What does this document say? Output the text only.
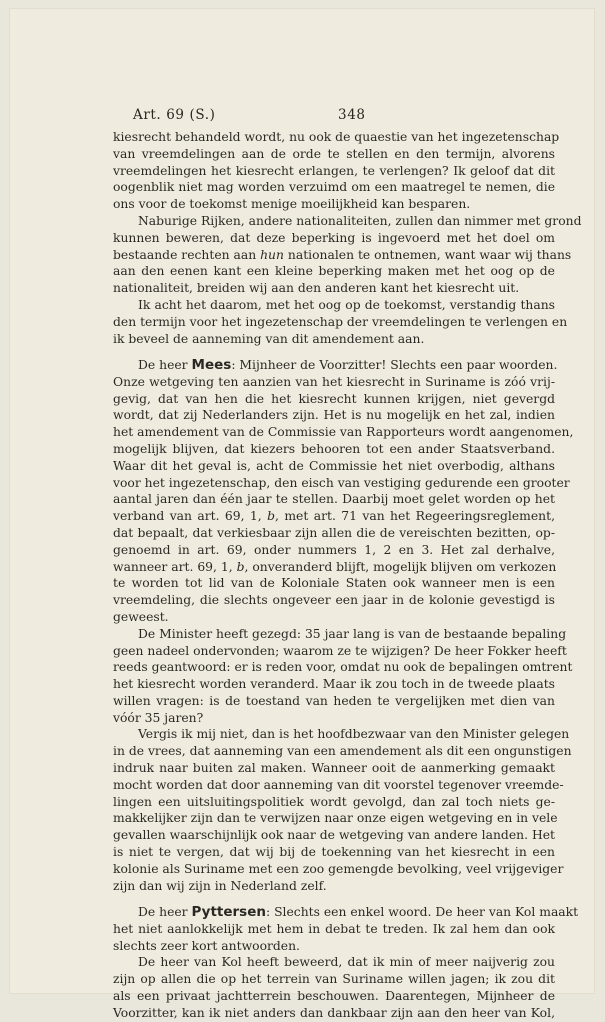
Art. 69 (S.)	348
kiesrecht behandeld wordt, nu ook de quaestie van het ingezetenschap
van vreemdelingen aan de orde te stellen en den termijn, alvorens
vreemdelingen het kiesrecht erlangen, te verlengen? Ik geloof dat dit
oogenblik niet mag worden verzuimd om een maatregel te nemen, die
ons voor de toekomst menige moeilijkheid kan besparen.
Naburige Rijken, andere nationaliteiten, zullen dan nimmer met grond
kunnen beweren, dat deze beperking is ingevoerd met het doel om
bestaande rechten aan hun nationalen te ontnemen, want waar wij thans
aan den eenen kant een kleine beperking maken met het oog op de
nationaliteit, breiden wij aan den anderen kant het kiesrecht uit.
Ik acht het daarom, met het oog op de toekomst, verstandig thans
den termijn voor het ingezetenschap der vreemdelingen te verlengen en
ik beveel de aanneming van dit amendement aan.
De heer Mees: Mijnheer de Voorzitter! Slechts een paar woorden.
Onze wetgeving ten aanzien van het kiesrecht in Suriname is zóó vrij-
gevig, dat van hen die het kiesrecht kunnen krijgen, niet gevergd
wordt, dat zij Nederlanders zijn. Het is nu mogelijk en het zal, indien
het amendement van de Commissie van Rapporteurs wordt aangenomen,
mogelijk blijven, dat kiezers behooren tot een ander Staatsverband.
Waar dit het geval is, acht de Commissie het niet overbodig, althans
voor het ingezetenschap, den eisch van vestiging gedurende een grooter
aantal jaren dan één jaar te stellen. Daarbij moet gelet worden op het
verband van art. 69, 1, b, met art. 71 van het Regeeringsreglement,
dat bepaalt, dat verkiesbaar zijn allen die de vereischten bezitten, op-
genoemd in art. 69, onder nummers 1, 2 en 3. Het zal derhalve,
wanneer art. 69, 1, b, onveranderd blijft, mogelijk blijven om verkozen
te worden tot lid van de Koloniale Staten ook wanneer men is een
vreemdeling, die slechts ongeveer een jaar in de kolonie gevestigd is
geweest.
De Minister heeft gezegd: 35 jaar lang is van de bestaande bepaling
geen nadeel ondervonden; waarom ze te wijzigen? De heer Fokker heeft
reeds geantwoord: er is reden voor, omdat nu ook de bepalingen omtrent
het kiesrecht worden veranderd. Maar ik zou toch in de tweede plaats
willen vragen: is de toestand van heden te vergelijken met dien van
vóór 35 jaren?
Vergis ik mij niet, dan is het hoofdbezwaar van den Minister gelegen
in de vrees, dat aanneming van een amendement als dit een ongunstigen
indruk naar buiten zal maken. Wanneer ooit de aanmerking gemaakt
mocht worden dat door aanneming van dit voorstel tegenover vreemde-
lingen een uitsluitingspolitiek wordt gevolgd, dan zal toch niets ge-
makkelijker zijn dan te verwijzen naar onze eigen wetgeving en in vele
gevallen waarschijnlijk ook naar de wetgeving van andere landen. Het
is niet te vergen, dat wij bij de toekenning van het kiesrecht in een
kolonie als Suriname met een zoo gemengde bevolking, veel vrijgeviger
zijn dan wij zijn in Nederland zelf.
De heer Pyttersen: Slechts een enkel woord. De heer van Kol maakt
het niet aanlokkelijk met hem in debat te treden. Ik zal hem dan ook
slechts zeer kort antwoorden.
De heer van Kol heeft beweerd, dat ik min of meer naijverig zou
zijn op allen die op het terrein van Suriname willen jagen; ik zou dit
als een privaat jachtterrein beschouwen. Daarentegen, Mijnheer de
Voorzitter, kan ik niet anders dan dankbaar zijn aan den heer van Kol,
